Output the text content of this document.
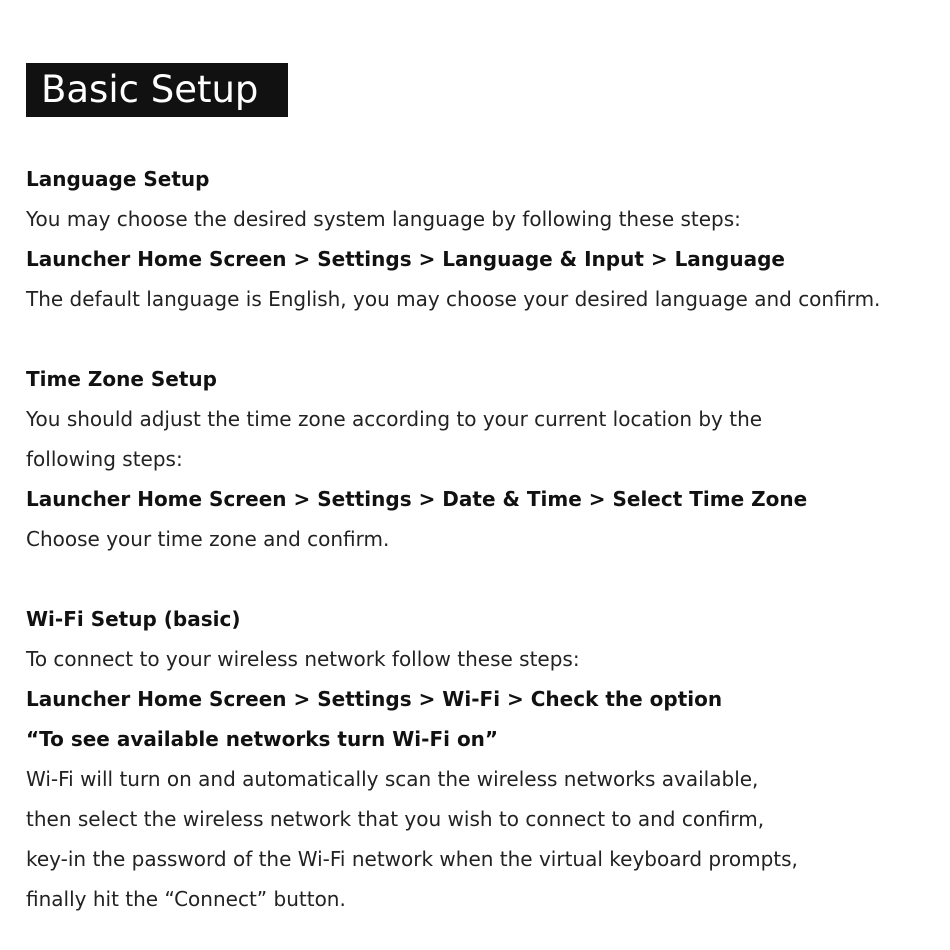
Basic Setup
Language Setup
You may choose the desired system language by following these steps:
Launcher Home Screen > Settings > Language & Input > Language
The default language is English, you may choose your desired language and confirm.
Time Zone Setup
You should adjust the time zone according to your current location by the
following steps:
Launcher Home Screen > Settings > Date & Time > Select Time Zone
Choose your time zone and confirm.
Wi-Fi Setup (basic)
To connect to your wireless network follow these steps:
Launcher Home Screen > Settings > Wi-Fi > Check the option
“To see available networks turn Wi-Fi on”
Wi-Fi will turn on and automatically scan the wireless networks available,
then select the wireless network that you wish to connect to and confirm,
key-in the password of the Wi-Fi network when the virtual keyboard prompts,
finally hit the “Connect” button.
